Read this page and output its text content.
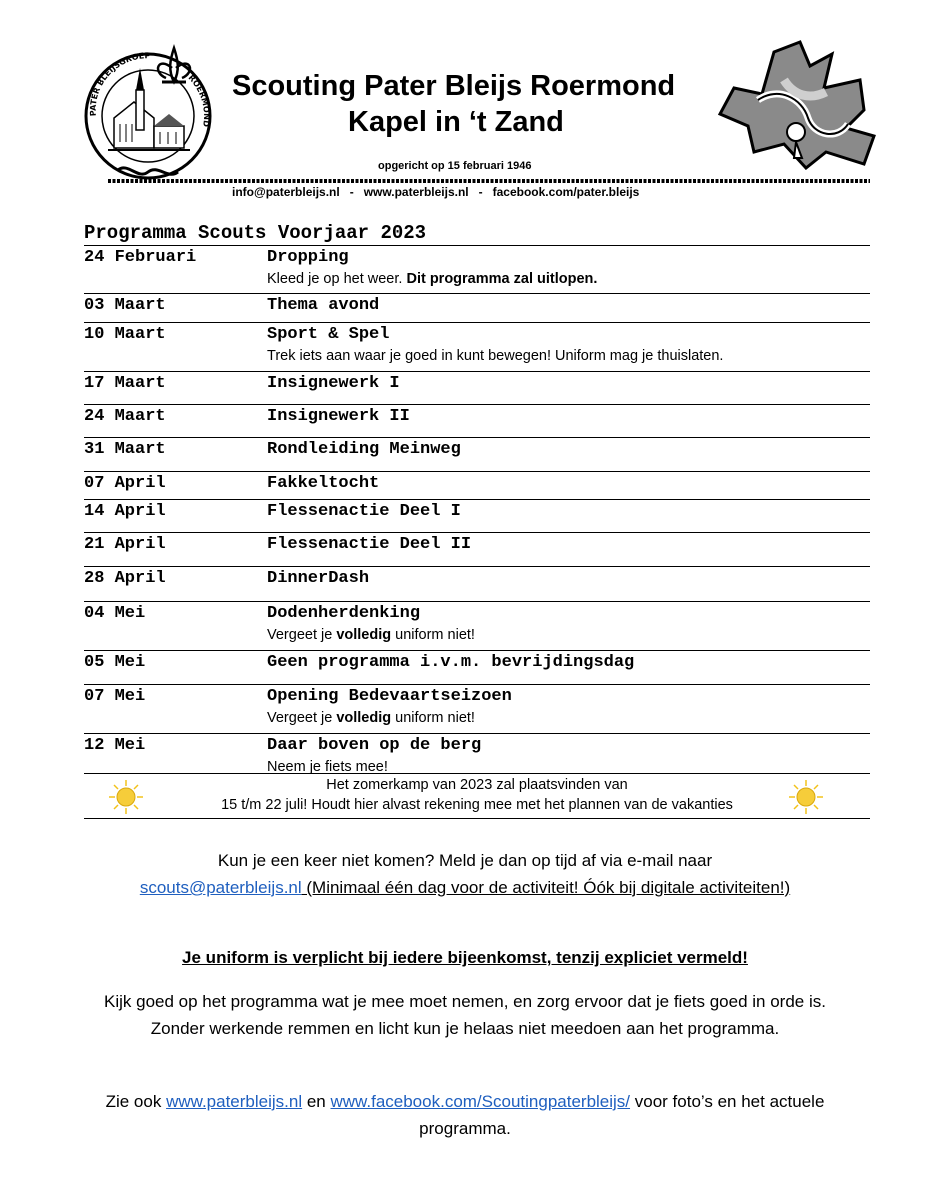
PATER BLEIJSGROEP
ROERMOND
Scouting Pater Bleijs Roermond
Kapel in ‘t Zand
opgericht op 15 februari 1946
info@paterbleijs.nl   -   www.paterbleijs.nl   -   facebook.com/pater.bleijs
Programma Scouts Voorjaar 2023
24 Februari	Dropping
Kleed je op het weer. Dit programma zal uitlopen.
03 Maart	Thema avond
10 Maart	Sport & Spel
Trek iets aan waar je goed in kunt bewegen! Uniform mag je thuislaten.
17 Maart	Insignewerk I
24 Maart	Insignewerk II
31 Maart	Rondleiding Meinweg
07 April	Fakkeltocht
14 April	Flessenactie Deel I
21 April	Flessenactie Deel II
28 April	DinnerDash
04 Mei	Dodenherdenking
Vergeet je volledig uniform niet!
05 Mei	Geen programma i.v.m. bevrijdingsdag
07 Mei	Opening Bedevaartseizoen
Vergeet je volledig uniform niet!
12 Mei	Daar boven op de berg
Neem je fiets mee!
Het zomerkamp van 2023 zal plaatsvinden van
15 t/m 22 juli! Houdt hier alvast rekening mee met het plannen van de vakanties
Kun je een keer niet komen? Meld je dan op tijd af via e-mail naar
scouts@paterbleijs.nl (Minimaal één dag voor de activiteit! Óók bij digitale activiteiten!)
Je uniform is verplicht bij iedere bijeenkomst, tenzij expliciet vermeld!
Kijk goed op het programma wat je mee moet nemen, en zorg ervoor dat je fiets goed in orde is. Zonder werkende remmen en licht kun je helaas niet meedoen aan het programma.
Zie ook www.paterbleijs.nl en www.facebook.com/Scoutingpaterbleijs/ voor foto’s en het actuele programma.
